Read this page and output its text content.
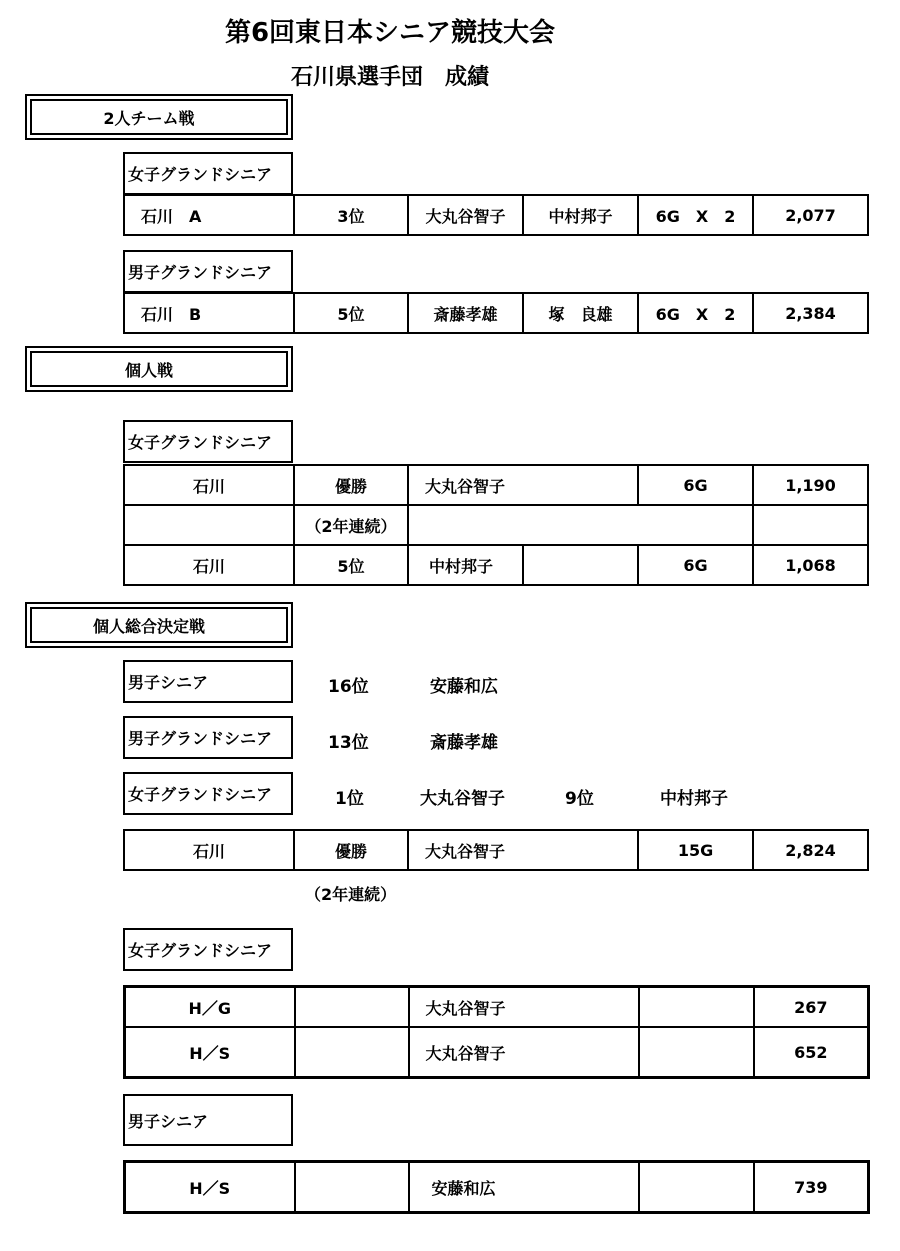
第6回東日本シニア競技大会
石川県選手団　成績
2人チーム戦
女子グランドシニア
石川　A	3位	大丸谷智子	中村邦子	6G　X　2	2,077
男子グランドシニア
石川　B	5位	斎藤孝雄	塚　良雄	6G　X　2	2,384
個人戦
女子グランドシニア
石川	優勝	大丸谷智子		6G	1,190
	（2年連続）				
石川	5位	中村邦子		6G	1,068
個人総合決定戦
男子シニア	16位	安藤和広
男子グランドシニア	13位	斎藤孝雄
女子グランドシニア	1位	大丸谷智子	9位	中村邦子
石川	優勝	大丸谷智子	15G	2,824
（2年連続）
女子グランドシニア
H／G		大丸谷智子		267
H／S		大丸谷智子		652
男子シニア
H／S		安藤和広		739
